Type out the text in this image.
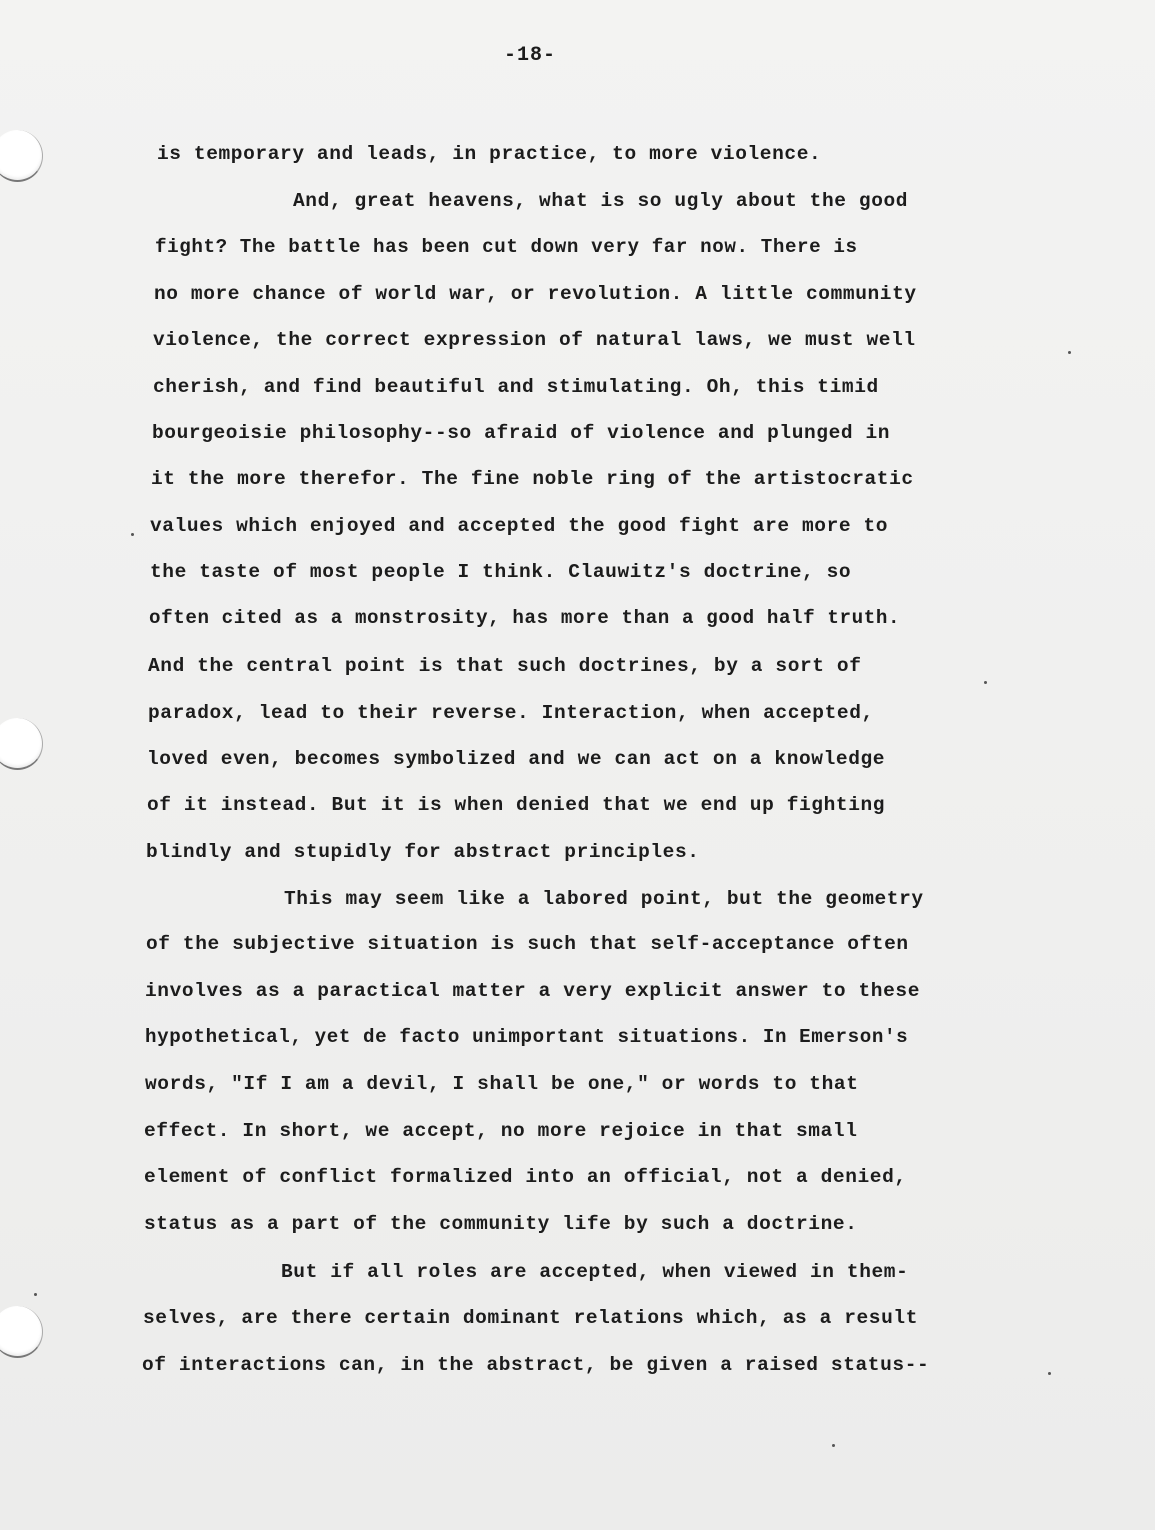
-18-
is temporary and leads, in practice, to more violence.
And, great heavens, what is so ugly about the good
fight? The battle has been cut down very far now. There is
no more chance of world war, or revolution. A little community
violence, the correct expression of natural laws, we must well
cherish, and find beautiful and stimulating. Oh, this timid
bourgeoisie philosophy--so afraid of violence and plunged in
it the more therefor. The fine noble ring of the artistocratic
values which enjoyed and accepted the good fight are more to
the taste of most people I think. Clauwitz's doctrine, so
often cited as a monstrosity, has more than a good half truth.
And the central point is that such doctrines, by a sort of
paradox, lead to their reverse. Interaction, when accepted,
loved even, becomes symbolized and we can act on a knowledge
of it instead. But it is when denied that we end up fighting
blindly and stupidly for abstract principles.
This may seem like a labored point, but the geometry
of the subjective situation is such that self-acceptance often
involves as a paractical matter a very explicit answer to these
hypothetical, yet de facto unimportant situations. In Emerson's
words, "If I am a devil, I shall be one," or words to that
effect. In short, we accept, no more rejoice in that small
element of conflict formalized into an official, not a denied,
status as a part of the community life by such a doctrine.
But if all roles are accepted, when viewed in them-
selves, are there certain dominant relations which, as a result
of interactions can, in the abstract, be given a raised status--
